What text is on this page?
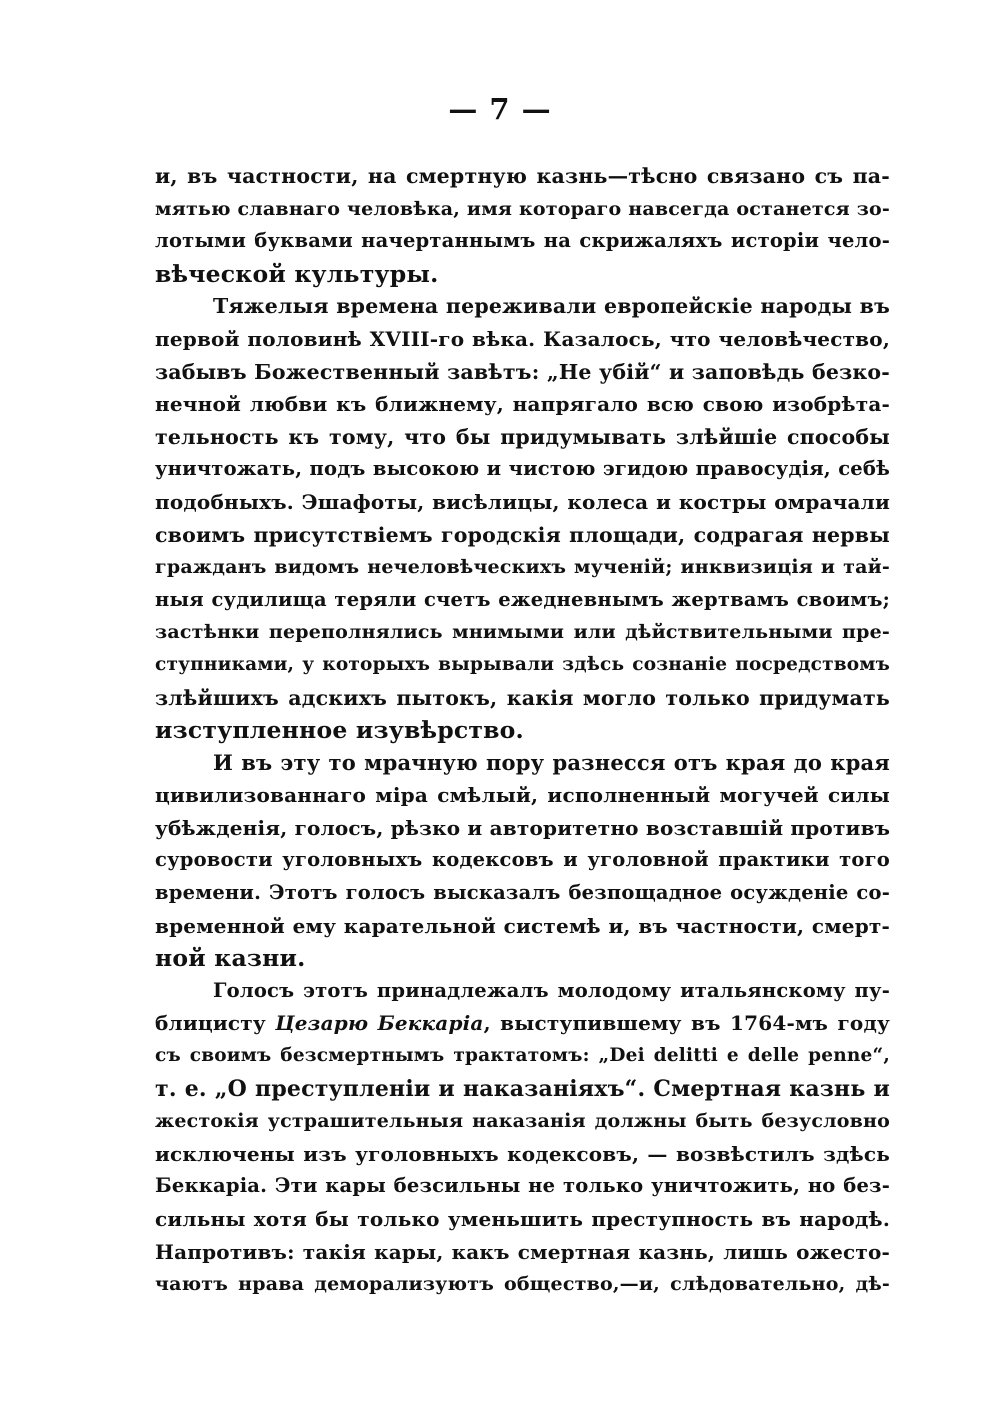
— 7 —
и, въ частности, на смертную казнь—тѣсно связано съ па-
мятью славнаго человѣка, имя котораго навсегда останется зо-
лотыми буквами начертаннымъ на скрижаляхъ исторiи чело-
вѣческой культуры.
Тяжелыя времена переживали европейскiе народы въ
первой половинѣ XVIII-го вѣка. Казалось, что человѣчество,
забывъ Божественный завѣтъ: „Не убiй“ и заповѣдь безко-
нечной любви къ ближнему, напрягало всю свою изобрѣта-
тельность къ тому, что бы придумывать злѣйшiе способы
уничтожать, подъ высокою и чистою эгидою правосудiя, себѣ
подобныхъ. Эшафоты, висѣлицы, колеса и костры омрачали
своимъ присутствiемъ городскiя площади, содрагая нервы
гражданъ видомъ нечеловѣческихъ мученiй; инквизицiя и тай-
ныя судилища теряли счетъ ежедневнымъ жертвамъ своимъ;
застѣнки переполнялись мнимыми или дѣйствительными пре-
ступниками, у которыхъ вырывали здѣсь сознанiе посредствомъ
злѣйшихъ адскихъ пытокъ, какiя могло только придумать
изступленное изувѣрство.
И въ эту то мрачную пору разнесся отъ края до края
цивилизованнаго мiра смѣлый, исполненный могучей силы
убѣжденiя, голосъ, рѣзко и авторитетно возставшiй противъ
суровости уголовныхъ кодексовъ и уголовной практики того
времени. Этотъ голосъ высказалъ безпощадное осужденiе со-
временной ему карательной системѣ и, въ частности, смерт-
ной казни.
Голосъ этотъ принадлежалъ молодому итальянскому пу-
блицисту Цезарю Беккарiа, выступившему въ 1764-мъ году
съ своимъ безсмертнымъ трактатомъ: „Dei delitti e delle penne“,
т. е. „О преступленiи и наказанiяхъ“. Смертная казнь и
жестокiя устрашительныя наказанiя должны быть безусловно
исключены изъ уголовныхъ кодексовъ, — возвѣстилъ здѣсь
Беккарiа. Эти кары безсильны не только уничтожить, но без-
сильны хотя бы только уменьшить преступность въ народѣ.
Напротивъ: такiя кары, какъ смертная казнь, лишь ожесто-
чаютъ нрава деморализуютъ общество,—и, слѣдовательно, дѣ-
